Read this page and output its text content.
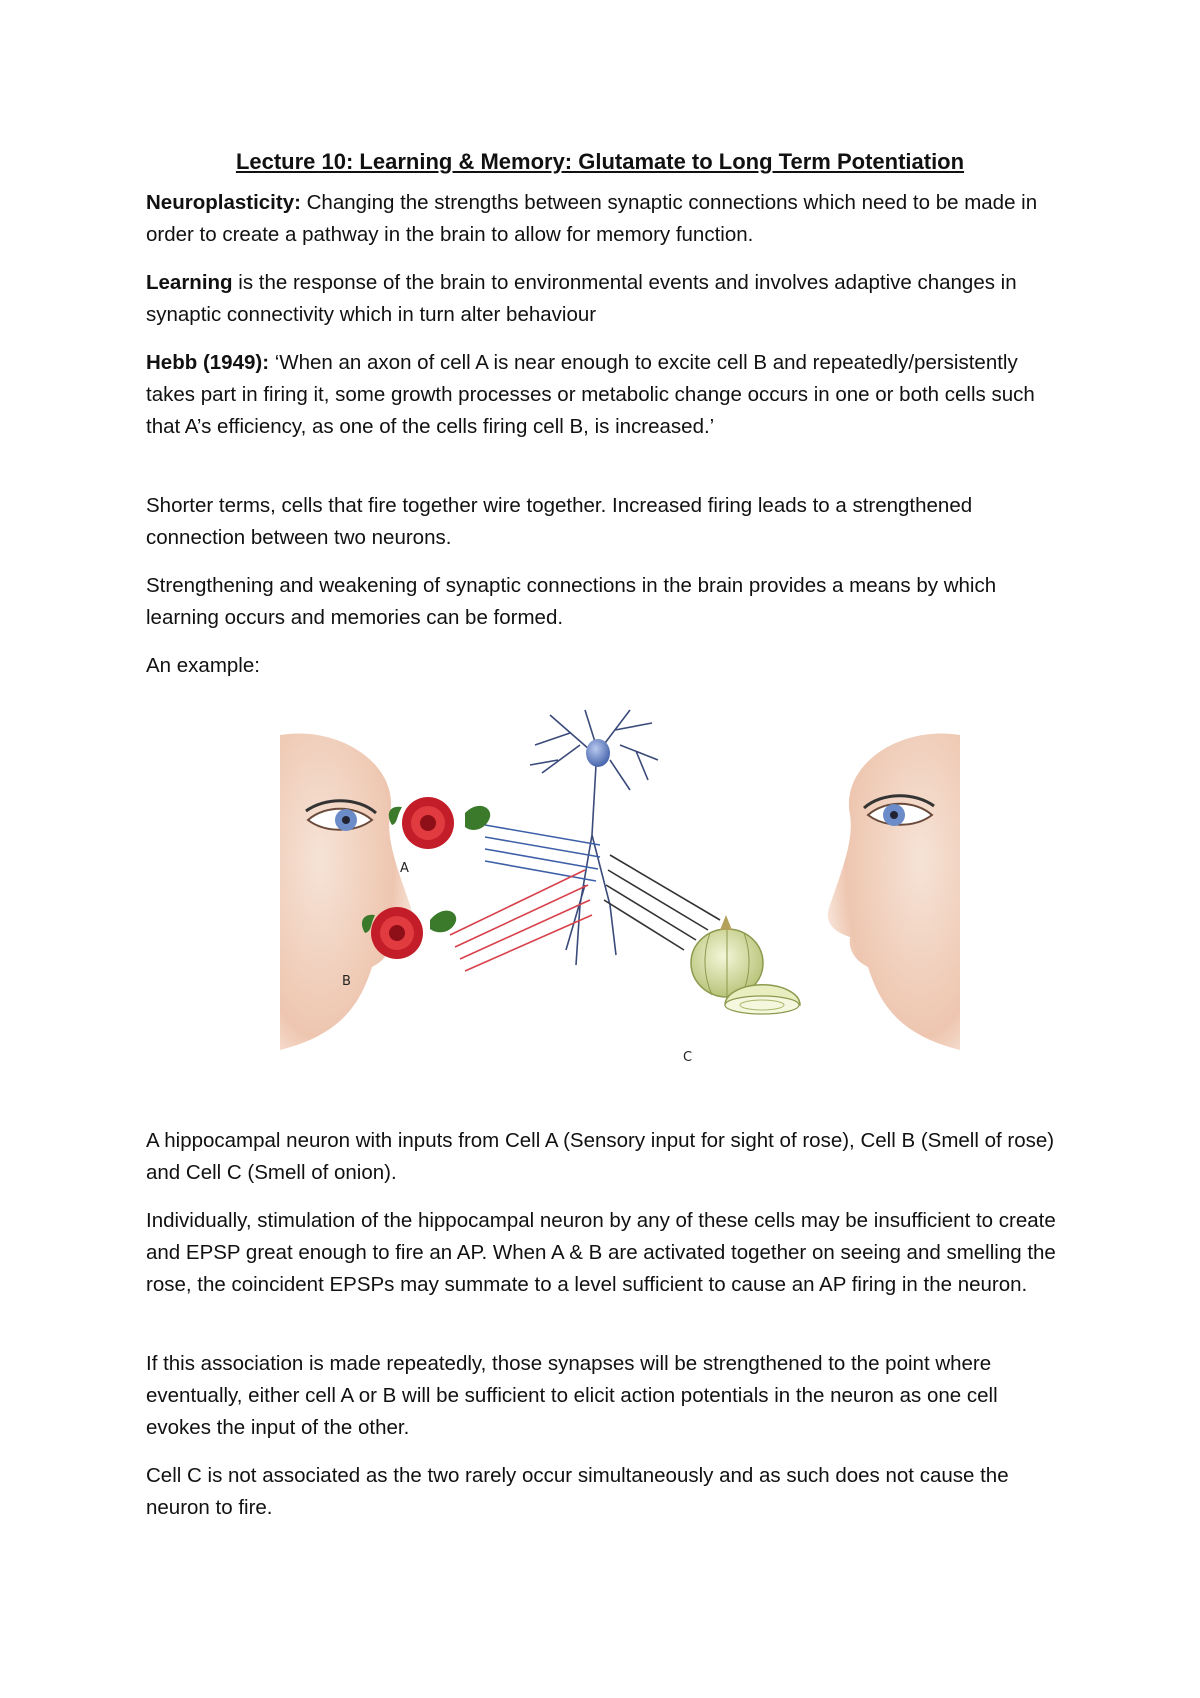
Lecture 10: Learning & Memory: Glutamate to Long Term Potentiation

Neuroplasticity: Changing the strengths between synaptic connections which need to be made in order to create a pathway in the brain to allow for memory function.

Learning is the response of the brain to environmental events and involves adaptive changes in synaptic connectivity which in turn alter behaviour

Hebb (1949): ‘When an axon of cell A is near enough to excite cell B and repeatedly/persistently takes part in firing it, some growth processes or metabolic change occurs in one or both cells such that A’s efficiency, as one of the cells firing cell B, is increased.’

Shorter terms, cells that fire together wire together. Increased firing leads to a strengthened connection between two neurons.

Strengthening and weakening of synaptic connections in the brain provides a means by which learning occurs and memories can be formed.

An example:

A
B
C

A hippocampal neuron with inputs from Cell A (Sensory input for sight of rose), Cell B (Smell of rose) and Cell C (Smell of onion).

Individually, stimulation of the hippocampal neuron by any of these cells may be insufficient to create and EPSP great enough to fire an AP. When A & B are activated together on seeing and smelling the rose, the coincident EPSPs may summate to a level sufficient to cause an AP firing in the neuron.

If this association is made repeatedly, those synapses will be strengthened to the point where eventually, either cell A or B will be sufficient to elicit action potentials in the neuron as one cell evokes the input of the other.

Cell C is not associated as the two rarely occur simultaneously and as such does not cause the neuron to fire.
